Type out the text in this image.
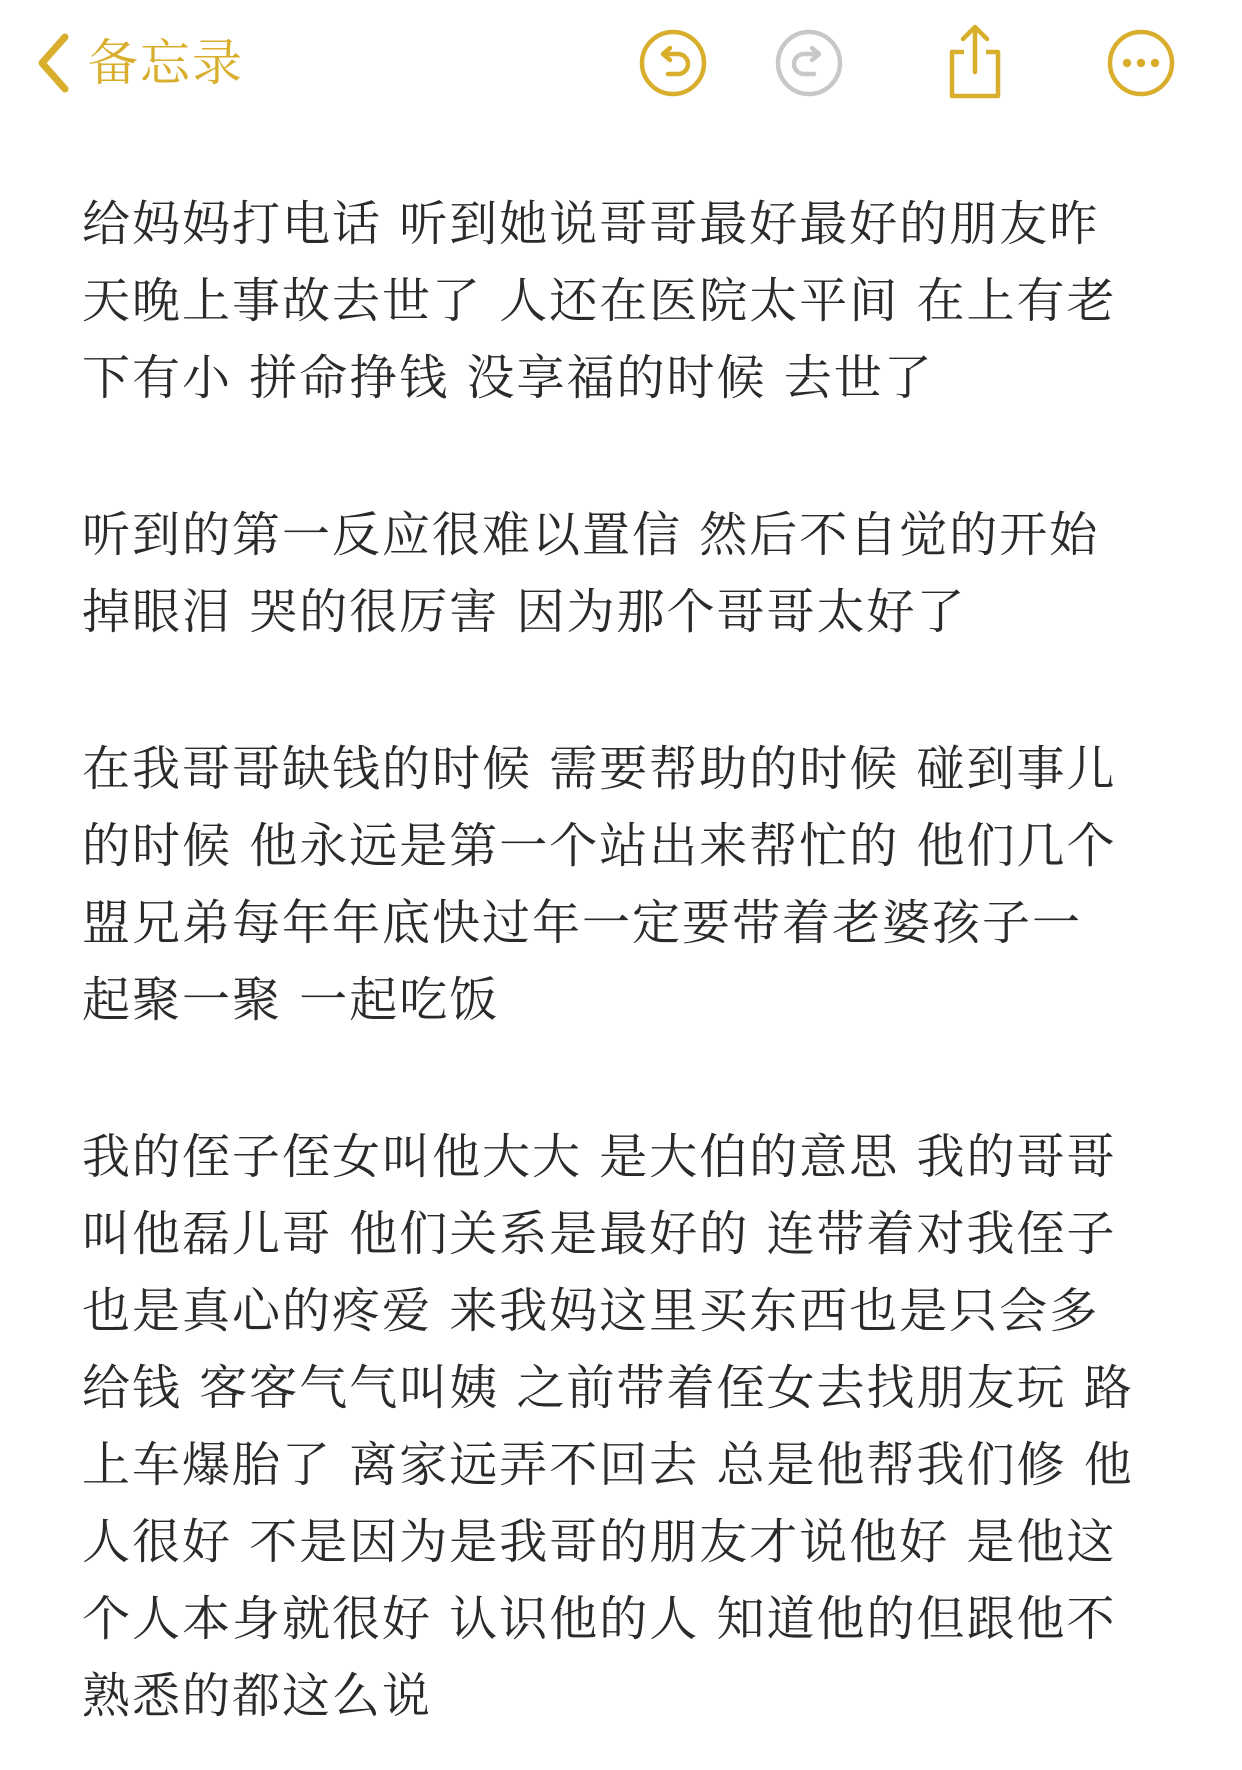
备忘录

给妈妈打电话 听到她说哥哥最好最好的朋友昨
天晚上事故去世了 人还在医院太平间 在上有老
下有小 拼命挣钱 没享福的时候 去世了

听到的第一反应很难以置信 然后不自觉的开始
掉眼泪 哭的很厉害 因为那个哥哥太好了

在我哥哥缺钱的时候 需要帮助的时候 碰到事儿
的时候 他永远是第一个站出来帮忙的 他们几个
盟兄弟每年年底快过年一定要带着老婆孩子一
起聚一聚 一起吃饭

我的侄子侄女叫他大大 是大伯的意思 我的哥哥
叫他磊儿哥 他们关系是最好的 连带着对我侄子
也是真心的疼爱 来我妈这里买东西也是只会多
给钱 客客气气叫姨 之前带着侄女去找朋友玩 路
上车爆胎了 离家远弄不回去 总是他帮我们修 他
人很好 不是因为是我哥的朋友才说他好 是他这
个人本身就很好 认识他的人 知道他的但跟他不
熟悉的都这么说
